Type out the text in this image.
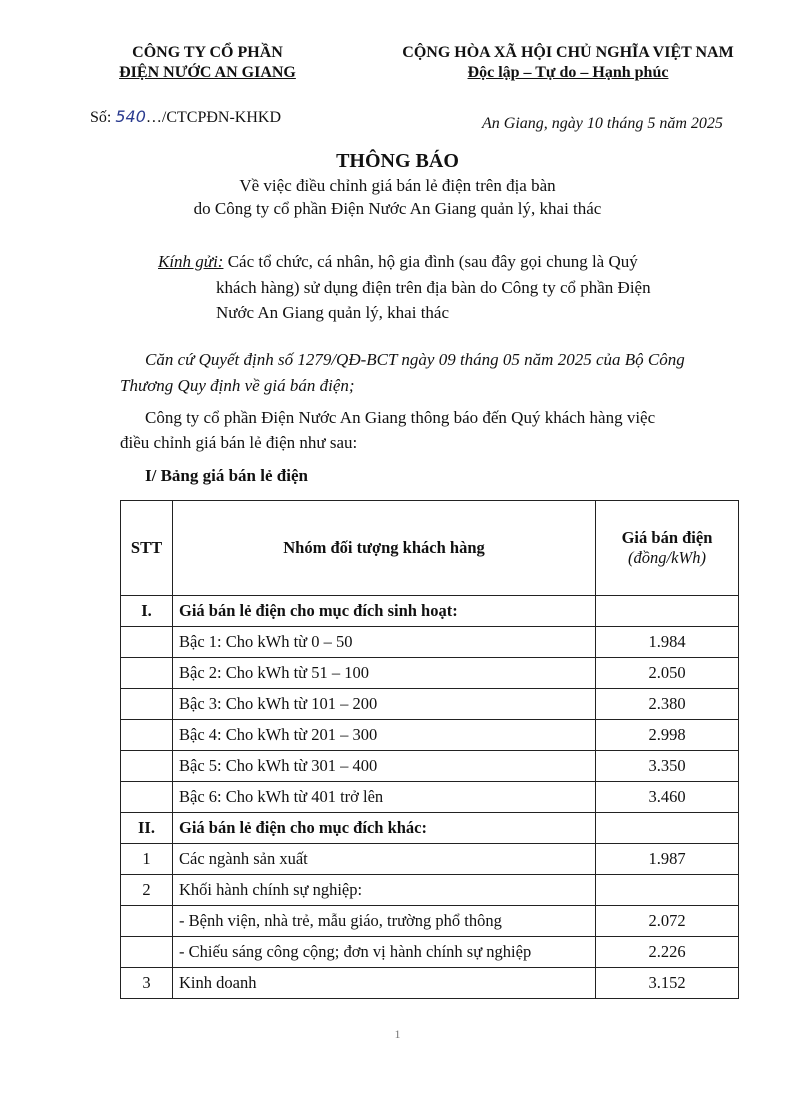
CÔNG TY CỔ PHẦN
ĐIỆN NƯỚC AN GIANG
CỘNG HÒA XÃ HỘI CHỦ NGHĨA VIỆT NAM
Độc lập – Tự do – Hạnh phúc
Số: 540…/CTCPĐN-KHKD	An Giang, ngày 10 tháng 5 năm 2025
THÔNG BÁO
Về việc điều chỉnh giá bán lẻ điện trên địa bàn
do Công ty cổ phần Điện Nước An Giang quản lý, khai thác
Kính gửi: Các tổ chức, cá nhân, hộ gia đình (sau đây gọi chung là Quý
khách hàng) sử dụng điện trên địa bàn do Công ty cổ phần Điện
Nước An Giang quản lý, khai thác
Căn cứ Quyết định số 1279/QĐ-BCT ngày 09 tháng 05 năm 2025 của Bộ Công
Thương Quy định về giá bán điện;
Công ty cổ phần Điện Nước An Giang thông báo đến Quý khách hàng việc
điều chỉnh giá bán lẻ điện như sau:
I/ Bảng giá bán lẻ điện
STT	Nhóm đối tượng khách hàng	Giá bán điện
(đồng/kWh)

I.	Giá bán lẻ điện cho mục đích sinh hoạt:	
	Bậc 1: Cho kWh từ 0 – 50	1.984
	Bậc 2: Cho kWh từ 51 – 100	2.050
	Bậc 3: Cho kWh từ 101 – 200	2.380
	Bậc 4: Cho kWh từ 201 – 300	2.998
	Bậc 5: Cho kWh từ 301 – 400	3.350
	Bậc 6: Cho kWh từ 401 trở lên	3.460
II.	Giá bán lẻ điện cho mục đích khác:	
1	Các ngành sản xuất	1.987
2	Khối hành chính sự nghiệp:	
	- Bệnh viện, nhà trẻ, mẫu giáo, trường phổ thông	2.072
	- Chiếu sáng công cộng; đơn vị hành chính sự nghiệp	2.226
3	Kinh doanh	3.152
1
